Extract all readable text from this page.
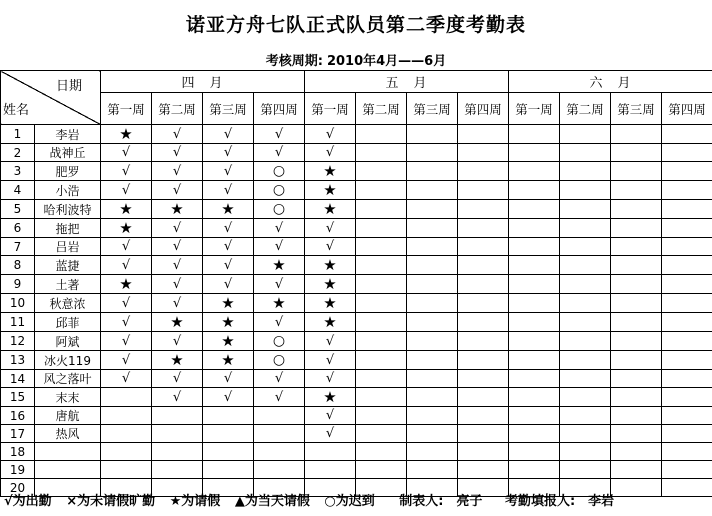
诺亚方舟七队正式队员第二季度考勤表
考核周期: 2010年4月——6月
日期
姓名		四　月				五　月				六　月			
		第一周	第二周	第三周	第四周	第一周	第二周	第三周	第四周	第一周	第二周	第三周	第四周
1	李岩	★	√	√	√	√							
2	战神丘	√	√	√	√	√							
3	肥罗	√	√	√	○	★							
4	小浩	√	√	√	○	★							
5	哈利波特	★	★	★	○	★							
6	拖把	★	√	√	√	√							
7	吕岩	√	√	√	√	√							
8	蓝捷	√	√	√	★	★							
9	土著	★	√	√	√	★							
10	秋意浓	√	√	★	★	★							
11	邱菲	√	★	★	√	★							
12	阿斌	√	√	★	○	√							
13	冰火119	√	★	★	○	√							
14	风之落叶	√	√	√	√	√							
15	末末		√	√	√	★							
16	唐航					√							
17	热风					√							
18													
19													
20													
√为出勤 ×为未请假旷勤 ★为请假 ▲为当天请假 ○为迟到 制表人:　亮子 考勤填报人:　李岩
